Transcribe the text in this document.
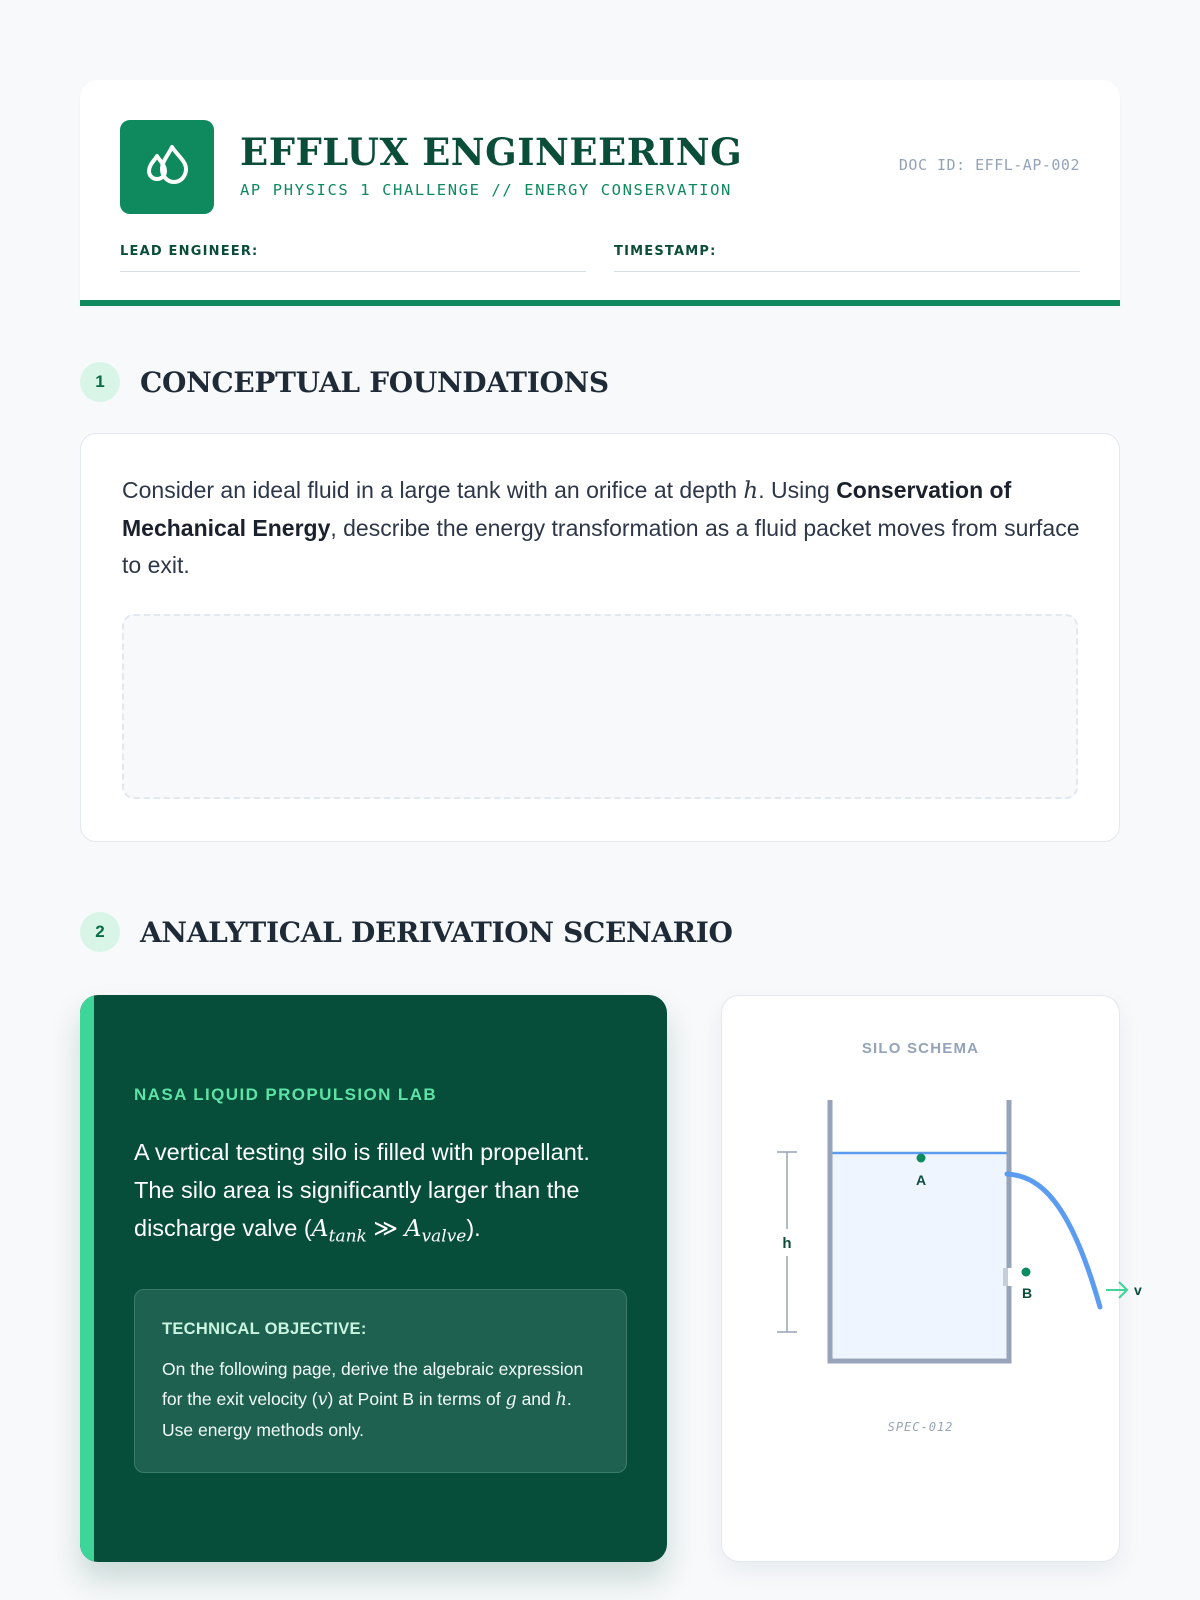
EFFLUX ENGINEERING
AP PHYSICS 1 CHALLENGE // ENERGY CONSERVATION
DOC ID: EFFL-AP-002
LEAD ENGINEER:	TIMESTAMP:
1	CONCEPTUAL FOUNDATIONS

Consider an ideal fluid in a large tank with an orifice at depth h. Using Conservation of Mechanical Energy, describe the energy transformation as a fluid packet moves from surface to exit.

2	ANALYTICAL DERIVATION SCENARIO
NASA LIQUID PROPULSION LAB

A vertical testing silo is filled with propellant. The silo area is significantly larger than the discharge valve ($A_{tank}$ ≫ $A_{valve}$).

TECHNICAL OBJECTIVE:

On the following page, derive the algebraic expression for the exit velocity (v) at Point B in terms of g and h. Use energy methods only.

SILO SCHEMA
A
B
h
v
SPEC-012
